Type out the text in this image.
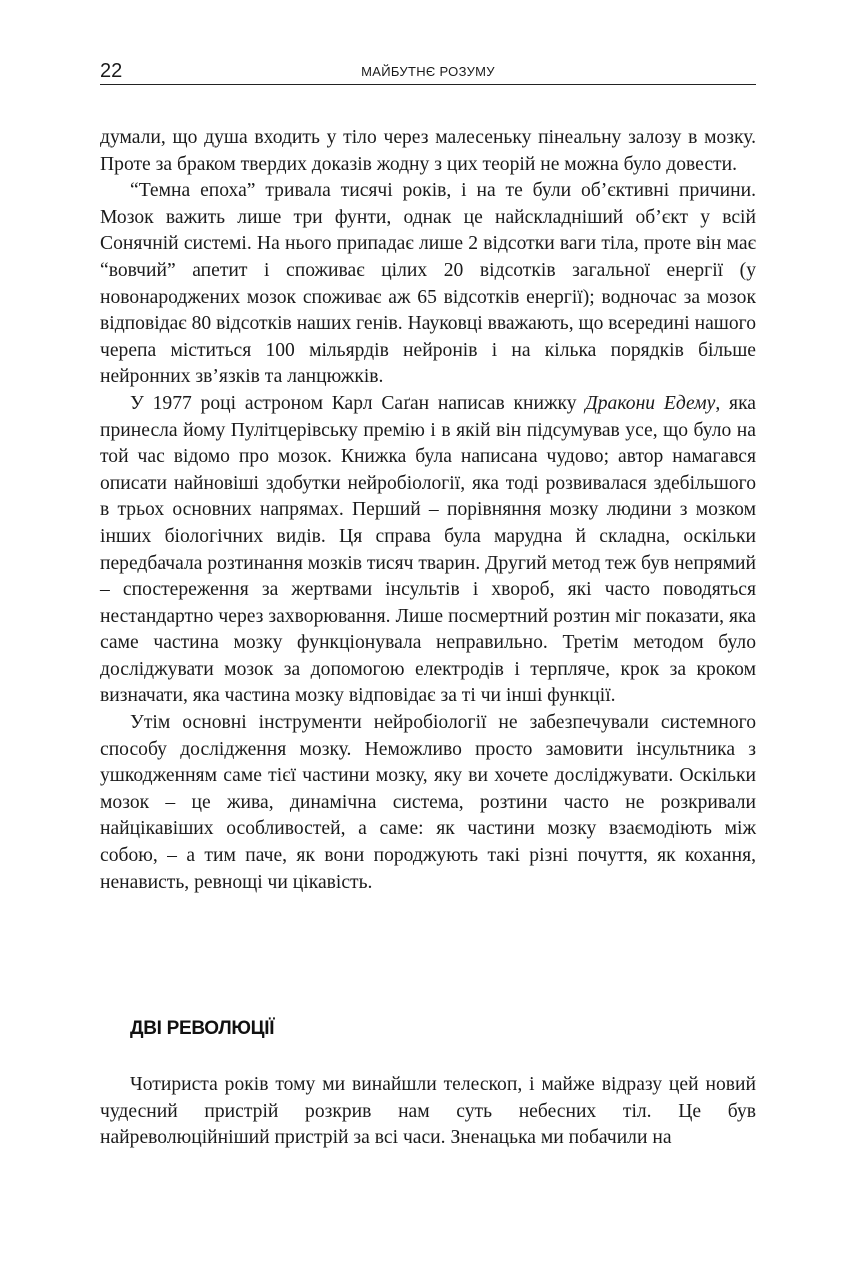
22	МАЙБУТНЄ РОЗУМУ

думали, що душа входить у тіло через малесеньку пінеальну залозу в мозку. Проте за браком твердих доказів жодну з цих теорій не можна було довести.

“Темна епоха” тривала тисячі років, і на те були об’єктивні причини. Мозок важить лише три фунти, однак це найскладніший об’єкт у всій Сонячній системі. На нього припадає лише 2 відсотки ваги тіла, проте він має “вовчий” апетит і споживає цілих 20 відсотків загальної енергії (у новонароджених мозок споживає аж 65 відсотків енергії); водночас за мозок відповідає 80 відсотків наших генів. Науковці вважають, що всередині нашого черепа міститься 100 мільярдів нейронів і на кілька порядків більше нейронних зв’язків та ланцюжків.

У 1977 році астроном Карл Саґан написав книжку Дракони Едему, яка принесла йому Пулітцерівську премію і в якій він підсумував усе, що було на той час відомо про мозок. Книжка була написана чудово; автор намагався описати найновіші здобутки нейробіології, яка тоді розвивалася здебільшого в трьох основних напрямах. Перший – порівняння мозку людини з мозком інших біологічних видів. Ця справа була марудна й складна, оскільки передбачала розтинання мозків тисяч тварин. Другий метод теж був непрямий – спостереження за жертвами інсультів і хвороб, які часто поводяться нестандартно через захворювання. Лише посмертний розтин міг показати, яка саме частина мозку функціонувала неправильно. Третім методом було досліджувати мозок за допомогою електродів і терпляче, крок за кроком визначати, яка частина мозку відповідає за ті чи інші функції.

Утім основні інструменти нейробіології не забезпечували системного способу дослідження мозку. Неможливо просто замовити інсультника з ушкодженням саме тієї частини мозку, яку ви хочете досліджувати. Оскільки мозок – це жива, динамічна система, розтини часто не розкривали найцікавіших особливостей, а саме: як частини мозку взаємодіють між собою, – а тим паче, як вони породжують такі різні почуття, як кохання, ненависть, ревнощі чи цікавість.

ДВІ РЕВОЛЮЦІЇ

Чотириста років тому ми винайшли телескоп, і майже відразу цей новий чудесний пристрій розкрив нам суть небесних тіл. Це був найреволюційніший пристрій за всі часи. Зненацька ми побачили на
